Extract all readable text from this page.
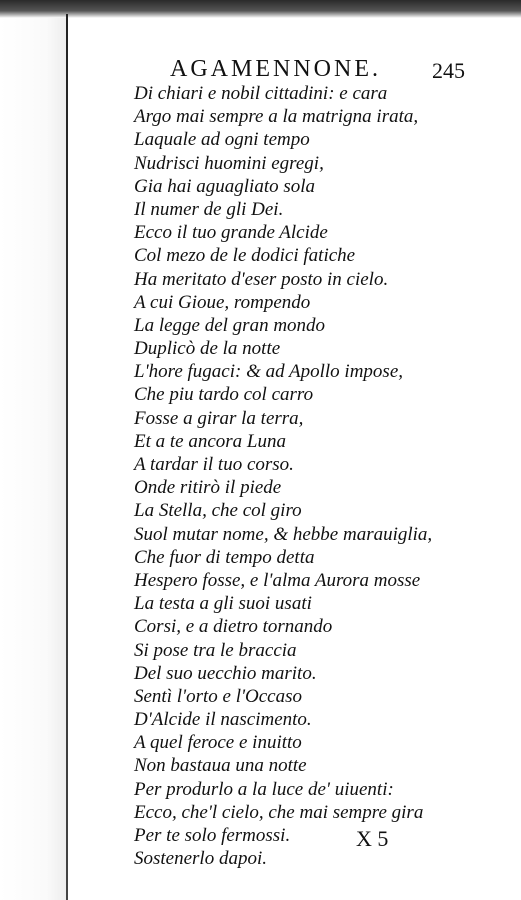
AGAMENNONE. 245
Di chiari e nobil cittadini: e cara
Argo mai sempre a la matrigna irata,
Laquale ad ogni tempo
Nudrisci huomini egregi,
Gia hai aguagliato sola
Il numer de gli Dei.
Ecco il tuo grande Alcide
Col mezo de le dodici fatiche
Ha meritato d'eser posto in cielo.
A cui Gioue, rompendo
La legge del gran mondo
Duplicò de la notte
L'hore fugaci: & ad Apollo impose,
Che piu tardo col carro
Fosse a girar la terra,
Et a te ancora Luna
A tardar il tuo corso.
Onde ritirò il piede
La Stella, che col giro
Suol mutar nome, & hebbe marauiglia,
Che fuor di tempo detta
Hespero fosse, e l'alma Aurora mosse
La testa a gli suoi usati
Corsi, e a dietro tornando
Si pose tra le braccia
Del suo uecchio marito.
Sentì l'orto e l'Occaso
D'Alcide il nascimento.
A quel feroce e inuitto
Non bastaua una notte
Per produrlo a la luce de' uiuenti:
Ecco, che'l cielo, che mai sempre gira
Per te solo fermossi.
Sostenerlo dapoi.
X 5
